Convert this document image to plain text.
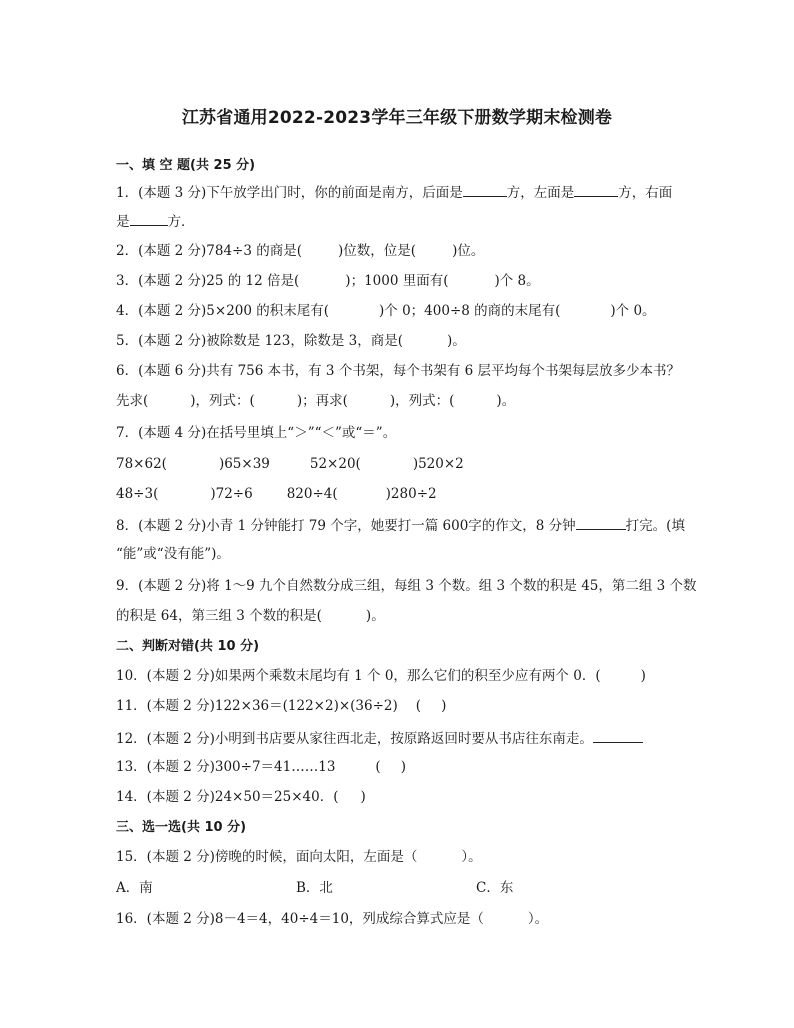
江苏省通用2022-2023学年三年级下册数学期末检测卷
一、填 空 题(共 25 分)
1．(本题 3 分)下午放学出门时，你的前面是南方，后面是	方，左面是	方，右面
是	方．
2．(本题 2 分)784÷3 的商是(	)位数，位是(	)位。
3．(本题 2 分)25 的 12 倍是(	)；1000 里面有(	)个 8。
4．(本题 2 分)5×200 的积末尾有(	)个 0；400÷8 的商的末尾有(	)个 0。
5．(本题 2 分)被除数是 123，除数是 3，商是(	)。
6．(本题 6 分)共有 756 本书，有 3 个书架，每个书架有 6 层平均每个书架每层放多少本书？
先求(	)，列式：(	)；再求(	)，列式：(	)。
7．(本题 4 分)在括号里填上“＞”“＜”或“＝”。
78×62(	)65×39	52×20(	)520×2
48÷3(	)72÷6	820÷4(	)280÷2
8．(本题 2 分)小青 1 分钟能打 79 个字，她要打一篇 600字的作文，8 分钟	打完。(填
“能”或“没有能”)。
9．(本题 2 分)将 1～9 九个自然数分成三组，每组 3 个数。组 3 个数的积是 45，第二组 3 个数
的积是 64，第三组 3 个数的积是(	)。
二、判断对错(共 10 分)
10．(本题 2 分)如果两个乘数末尾均有 1 个 0，那么它们的积至少应有两个 0．(	)
11．(本题 2 分)122×36＝(122×2)×(36÷2) ( )
12．(本题 2 分)小明到书店要从家往西北走，按原路返回时要从书店往东南走。
13．(本题 2 分)300÷7＝41……13	( )
14．(本题 2 分)24×50＝25×40．( )
三、选一选(共 10 分)
15．(本题 2 分)傍晚的时候，面向太阳，左面是（	）。
A．南	B．北	C．东
16．(本题 2 分)8－4＝4，40÷4＝10，列成综合算式应是（	）。
